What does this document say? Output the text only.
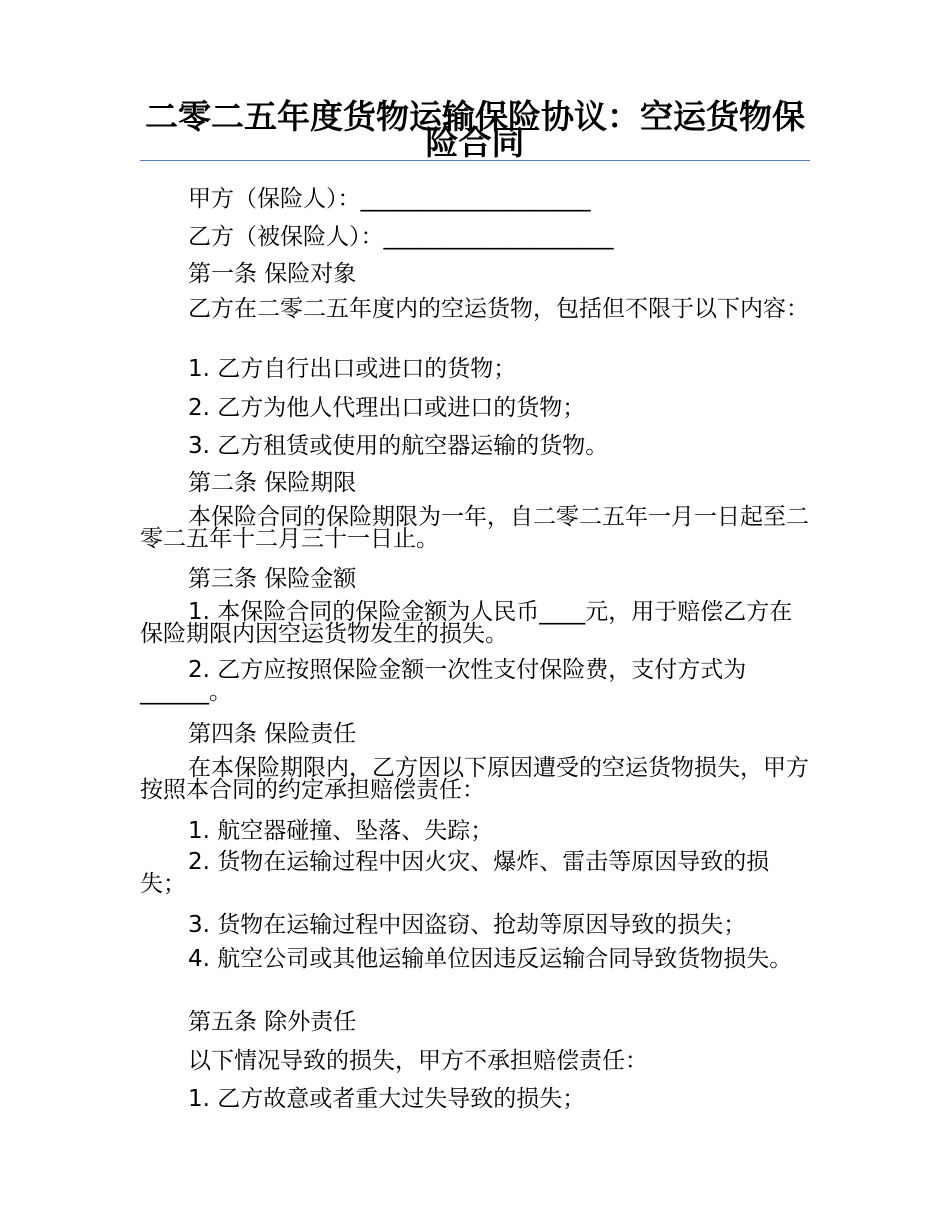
二零二五年度货物运输保险协议：空运货物保险合同

甲方（保险人）：____________________

乙方（被保险人）：____________________

第一条 保险对象

乙方在二零二五年度内的空运货物，包括但不限于以下内容：

1. 乙方自行出口或进口的货物；

2. 乙方为他人代理出口或进口的货物；

3. 乙方租赁或使用的航空器运输的货物。

第二条 保险期限

本保险合同的保险期限为一年，自二零二五年一月一日起至二零二五年十二月三十一日止。

第三条 保险金额

1. 本保险合同的保险金额为人民币____元，用于赔偿乙方在保险期限内因空运货物发生的损失。

2. 乙方应按照保险金额一次性支付保险费，支付方式为______。

第四条 保险责任

在本保险期限内，乙方因以下原因遭受的空运货物损失，甲方按照本合同的约定承担赔偿责任：

1. 航空器碰撞、坠落、失踪；

2. 货物在运输过程中因火灾、爆炸、雷击等原因导致的损失；

3. 货物在运输过程中因盗窃、抢劫等原因导致的损失；

4. 航空公司或其他运输单位因违反运输合同导致货物损失。

第五条 除外责任

以下情况导致的损失，甲方不承担赔偿责任：

1. 乙方故意或者重大过失导致的损失；
